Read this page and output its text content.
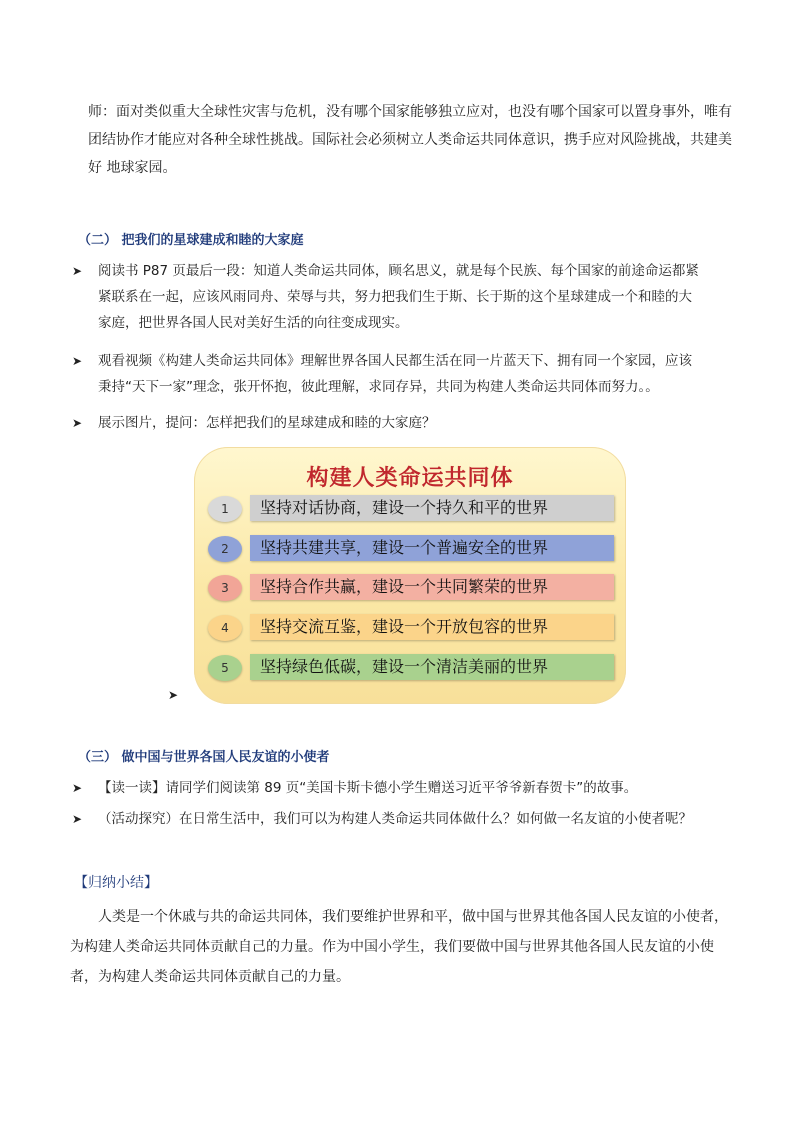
师：面对类似重大全球性灾害与危机，没有哪个国家能够独立应对，也没有哪个国家可以置身事外，唯有
团结协作才能应对各种全球性挑战。国际社会必须树立人类命运共同体意识，携手应对风险挑战，共建美
好 地球家园。
（二） 把我们的星球建成和睦的大家庭
➤ 阅读书 P87 页最后一段：知道人类命运共同体，顾名思义，就是每个民族、每个国家的前途命运都紧
紧联系在一起，应该风雨同舟、荣辱与共，努力把我们生于斯、长于斯的这个星球建成一个和睦的大
家庭，把世界各国人民对美好生活的向往变成现实。
➤ 观看视频《构建人类命运共同体》理解世界各国人民都生活在同一片蓝天下、拥有同一个家园，应该
秉持“天下一家”理念，张开怀抱，彼此理解，求同存异，共同为构建人类命运共同体而努力。。
➤ 展示图片，提问：怎样把我们的星球建成和睦的大家庭？
构建人类命运共同体
1	坚持对话协商，建设一个持久和平的世界
2	坚持共建共享，建设一个普遍安全的世界
3	坚持合作共赢，建设一个共同繁荣的世界
4	坚持交流互鉴，建设一个开放包容的世界
5	坚持绿色低碳，建设一个清洁美丽的世界
➤
（三） 做中国与世界各国人民友谊的小使者
➤ 【读一读】请同学们阅读第 89 页“美国卡斯卡德小学生赠送习近平爷爷新春贺卡”的故事。
➤ （活动探究）在日常生活中，我们可以为构建人类命运共同体做什么？如何做一名友谊的小使者呢？
【归纳小结】
人类是一个休戚与共的命运共同体，我们要维护世界和平，做中国与世界其他各国人民友谊的小使者，
为构建人类命运共同体贡献自己的力量。作为中国小学生，我们要做中国与世界其他各国人民友谊的小使
者，为构建人类命运共同体贡献自己的力量。
